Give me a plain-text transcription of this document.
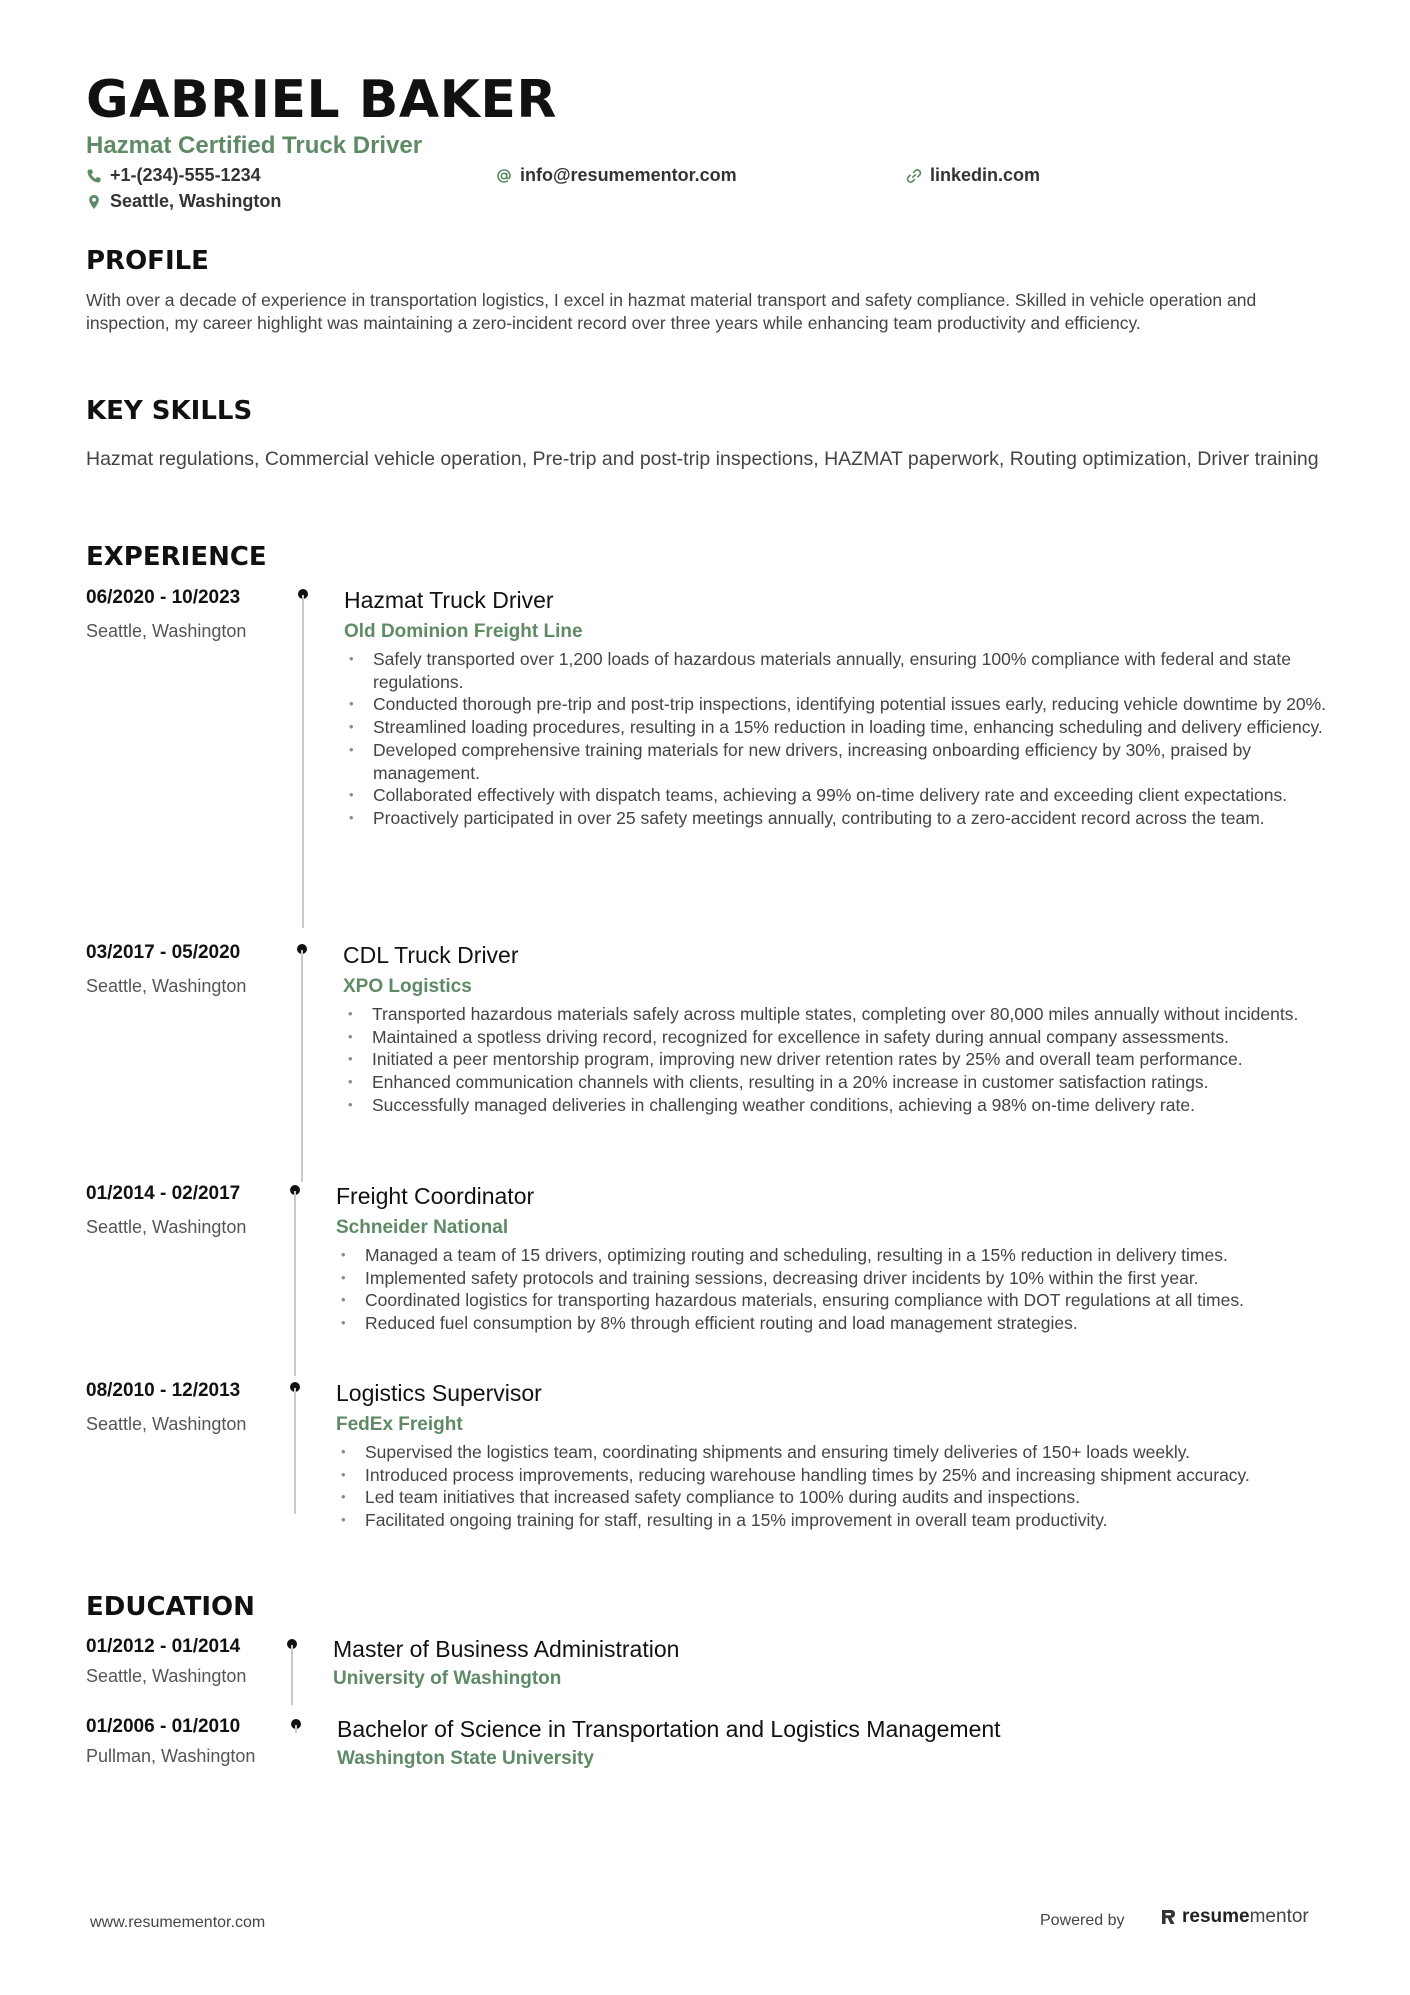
GABRIEL BAKER
Hazmat Certified Truck Driver
+1-(234)-555-1234	info@resumementor.com	linkedin.com
Seattle, Washington
PROFILE
With over a decade of experience in transportation logistics, I excel in hazmat material transport and safety compliance. Skilled in vehicle operation and inspection, my career highlight was maintaining a zero-incident record over three years while enhancing team productivity and efficiency.
KEY SKILLS
Hazmat regulations, Commercial vehicle operation, Pre-trip and post-trip inspections, HAZMAT paperwork, Routing optimization, Driver training
EXPERIENCE
06/2020 - 10/2023
Seattle, Washington
Hazmat Truck Driver
Old Dominion Freight Line
• Safely transported over 1,200 loads of hazardous materials annually, ensuring 100% compliance with federal and state regulations.
• Conducted thorough pre-trip and post-trip inspections, identifying potential issues early, reducing vehicle downtime by 20%.
• Streamlined loading procedures, resulting in a 15% reduction in loading time, enhancing scheduling and delivery efficiency.
• Developed comprehensive training materials for new drivers, increasing onboarding efficiency by 30%, praised by management.
• Collaborated effectively with dispatch teams, achieving a 99% on-time delivery rate and exceeding client expectations.
• Proactively participated in over 25 safety meetings annually, contributing to a zero-accident record across the team.
03/2017 - 05/2020
Seattle, Washington
CDL Truck Driver
XPO Logistics
• Transported hazardous materials safely across multiple states, completing over 80,000 miles annually without incidents.
• Maintained a spotless driving record, recognized for excellence in safety during annual company assessments.
• Initiated a peer mentorship program, improving new driver retention rates by 25% and overall team performance.
• Enhanced communication channels with clients, resulting in a 20% increase in customer satisfaction ratings.
• Successfully managed deliveries in challenging weather conditions, achieving a 98% on-time delivery rate.
01/2014 - 02/2017
Seattle, Washington
Freight Coordinator
Schneider National
• Managed a team of 15 drivers, optimizing routing and scheduling, resulting in a 15% reduction in delivery times.
• Implemented safety protocols and training sessions, decreasing driver incidents by 10% within the first year.
• Coordinated logistics for transporting hazardous materials, ensuring compliance with DOT regulations at all times.
• Reduced fuel consumption by 8% through efficient routing and load management strategies.
08/2010 - 12/2013
Seattle, Washington
Logistics Supervisor
FedEx Freight
• Supervised the logistics team, coordinating shipments and ensuring timely deliveries of 150+ loads weekly.
• Introduced process improvements, reducing warehouse handling times by 25% and increasing shipment accuracy.
• Led team initiatives that increased safety compliance to 100% during audits and inspections.
• Facilitated ongoing training for staff, resulting in a 15% improvement in overall team productivity.
EDUCATION
01/2012 - 01/2014
Seattle, Washington
Master of Business Administration
University of Washington
01/2006 - 01/2010
Pullman, Washington
Bachelor of Science in Transportation and Logistics Management
Washington State University
www.resumementor.com	Powered by	resumementor
